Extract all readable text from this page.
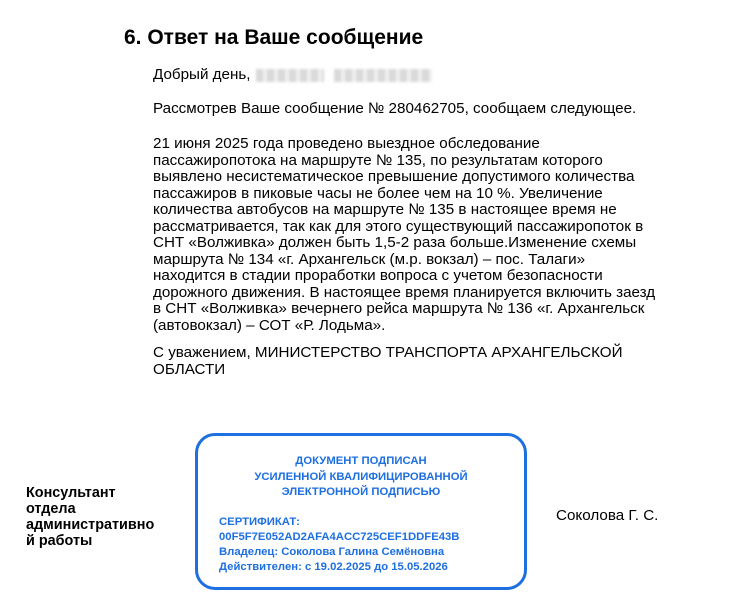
6. Ответ на Ваше сообщение
Добрый день,
Рассмотрев Ваше сообщение № 280462705, сообщаем следующее.
21 июня 2025 года проведено выездное обследование
пассажиропотока на маршруте № 135, по результатам которого
выявлено несистематическое превышение допустимого количества
пассажиров в пиковые часы не более чем на 10 %. Увеличение
количества автобусов на маршруте № 135 в настоящее время не
рассматривается, так как для этого существующий пассажиропоток в
СНТ «Волживка» должен быть 1,5-2 раза больше.Изменение схемы
маршрута № 134 «г. Архангельск (м.р. вокзал) – пос. Талаги»
находится в стадии проработки вопроса с учетом безопасности
дорожного движения. В настоящее время планируется включить заезд
в СНТ «Волживка» вечернего рейса маршрута № 136 «г. Архангельск
(автовокзал) – СОТ «Р. Лодьма».
С уважением, МИНИСТЕРСТВО ТРАНСПОРТА АРХАНГЕЛЬСКОЙ
ОБЛАСТИ
Консультант
отдела
административно
й работы
ДОКУМЕНТ ПОДПИСАН
УСИЛЕННОЙ КВАЛИФИЦИРОВАННОЙ
ЭЛЕКТРОННОЙ ПОДПИСЬЮ
СЕРТИФИКАТ:
00F5F7E052AD2AFA4ACC725CEF1DDFE43B
Владелец: Соколова Галина Семёновна
Действителен: с 19.02.2025 до 15.05.2026
Соколова Г. С.
